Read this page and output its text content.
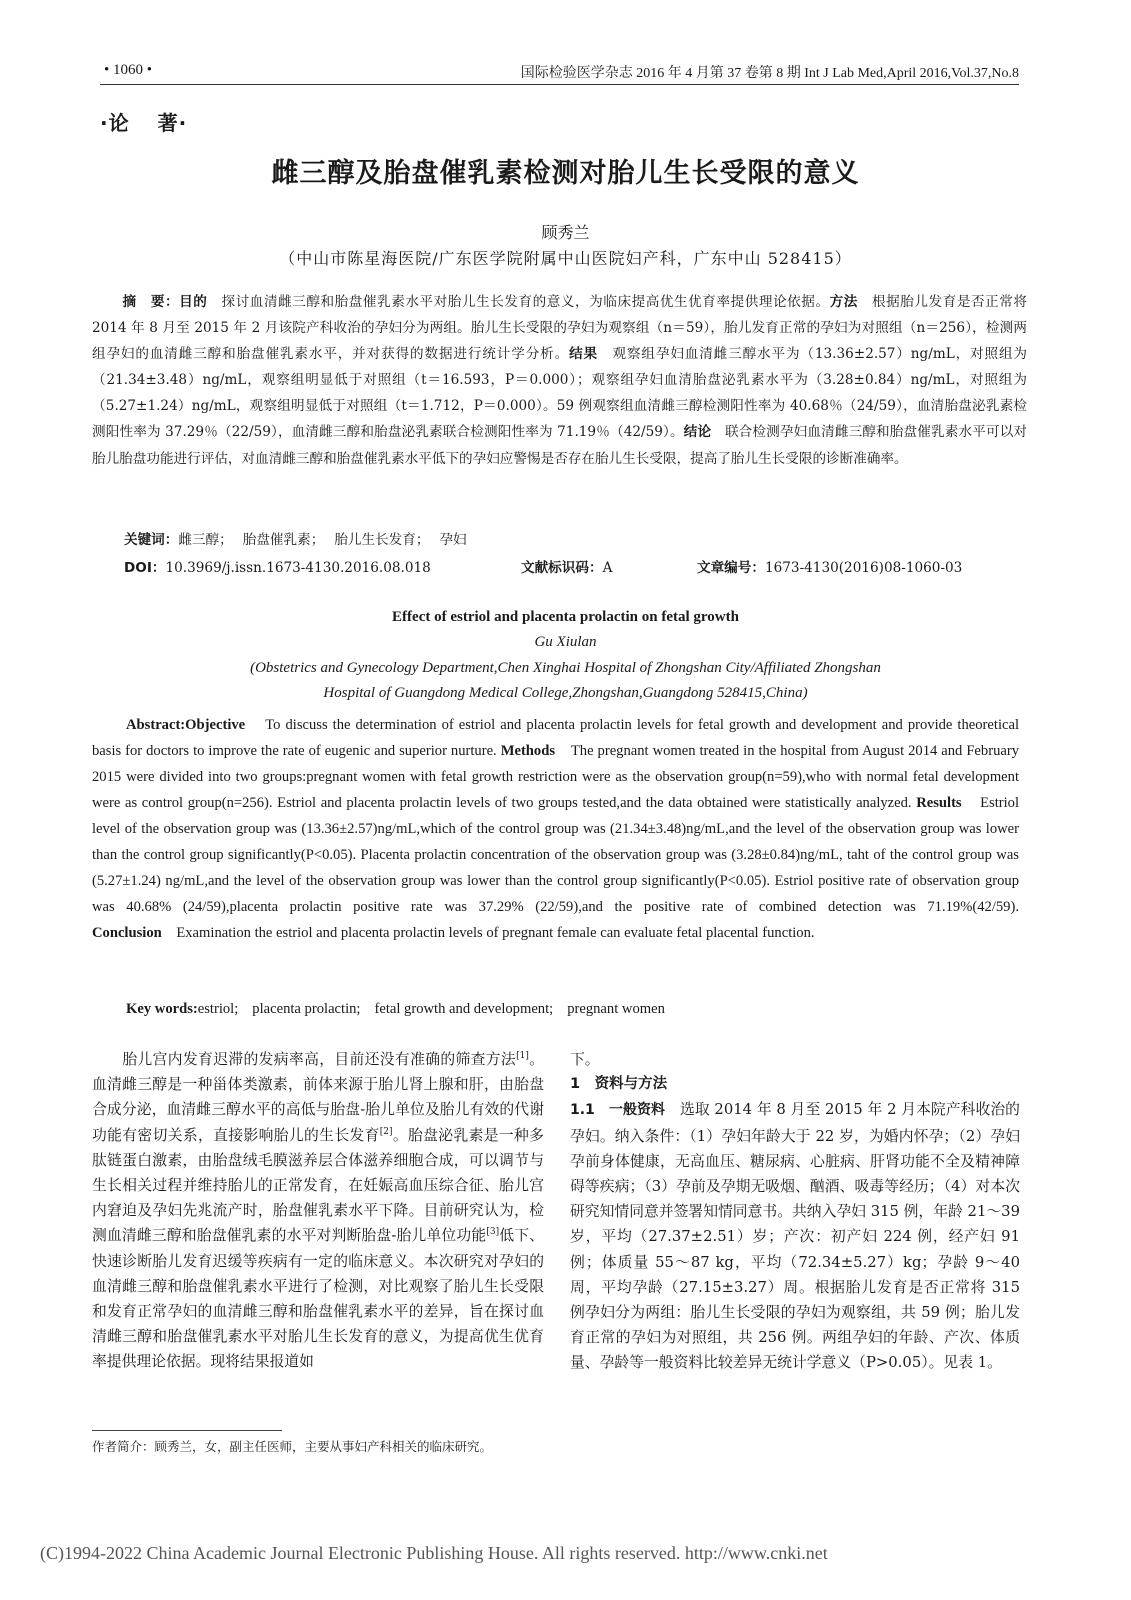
• 1060 •	国际检验医学杂志 2016 年 4 月第 37 卷第 8 期 Int J Lab Med,April 2016,Vol.37,No.8
·论 著·
雌三醇及胎盘催乳素检测对胎儿生长受限的意义
顾秀兰
（中山市陈星海医院/广东医学院附属中山医院妇产科，广东中山 528415）
摘　要：目的　 探讨血清雌三醇和胎盘催乳素水平对胎儿生长发育的意义，为临床提高优生优育率提供理论依据。方法　 根据胎儿发育是否正常将 2014 年 8 月至 2015 年 2 月该院产科收治的孕妇分为两组。胎儿生长受限的孕妇为观察组（n＝59），胎儿发育正常的孕妇为对照组（n＝256），检测两组孕妇的血清雌三醇和胎盘催乳素水平，并对获得的数据进行统计学分析。结果　 观察组孕妇血清雌三醇水平为（13.36±2.57）ng/mL，对照组为（21.34±3.48）ng/mL，观察组明显低于对照组（t＝16.593，P＝0.000）；观察组孕妇血清胎盘泌乳素水平为（3.28±0.84）ng/mL，对照组为（5.27±1.24）ng/mL，观察组明显低于对照组（t＝1.712，P＝0.000）。59 例观察组血清雌三醇检测阳性率为 40.68％（24/59），血清胎盘泌乳素检测阳性率为 37.29％（22/59），血清雌三醇和胎盘泌乳素联合检测阳性率为 71.19％（42/59）。结论　 联合检测孕妇血清雌三醇和胎盘催乳素水平可以对胎儿胎盘功能进行评估，对血清雌三醇和胎盘催乳素水平低下的孕妇应警惕是否存在胎儿生长受限，提高了胎儿生长受限的诊断准确率。
关键词：雌三醇； 胎盘催乳素； 胎儿生长发育； 孕妇
DOI：10.3969/j.issn.1673-4130.2016.08.018	文献标识码：A	文章编号：1673-4130(2016)08-1060-03
Effect of estriol and placenta prolactin on fetal growth
Gu Xiulan
(Obstetrics and Gynecology Department,Chen Xinghai Hospital of Zhongshan City/Affiliated Zhongshan
Hospital of Guangdong Medical College,Zhongshan,Guangdong 528415,China)
Abstract:Objective To discuss the determination of estriol and placenta prolactin levels for fetal growth and development and provide theoretical basis for doctors to improve the rate of eugenic and superior nurture. Methods The pregnant women treated in the hospital from August 2014 and February 2015 were divided into two groups:pregnant women with fetal growth restriction were as the observation group(n=59),who with normal fetal development were as control group(n=256). Estriol and placenta prolactin levels of two groups tested,and the data obtained were statistically analyzed. Results Estriol level of the observation group was (13.36±2.57)ng/mL,which of the control group was (21.34±3.48)ng/mL,and the level of the observation group was lower than the control group significantly(P<0.05). Placenta prolactin concentration of the observation group was (3.28±0.84)ng/mL, taht of the control group was (5.27±1.24) ng/mL,and the level of the observation group was lower than the control group significantly(P<0.05). Estriol positive rate of observation group was 40.68% (24/59),placenta prolactin positive rate was 37.29% (22/59),and the positive rate of combined detection was 71.19%(42/59). Conclusion Examination the estriol and placenta prolactin levels of pregnant female can evaluate fetal placental function.
Key words:estriol; placenta prolactin; fetal growth and development; pregnant women
胎儿宫内发育迟滞的发病率高，目前还没有准确的筛查方法[1]。血清雌三醇是一种甾体类激素，前体来源于胎儿肾上腺和肝，由胎盘合成分泌，血清雌三醇水平的高低与胎盘-胎儿单位及胎儿有效的代谢功能有密切关系，直接影响胎儿的生长发育[2]。胎盘泌乳素是一种多肽链蛋白激素，由胎盘绒毛膜滋养层合体滋养细胞合成，可以调节与生长相关过程并维持胎儿的正常发育，在妊娠高血压综合征、胎儿宫内窘迫及孕妇先兆流产时，胎盘催乳素水平下降。目前研究认为，检测血清雌三醇和胎盘催乳素的水平对判断胎盘-胎儿单位功能[3]低下、快速诊断胎儿发育迟缓等疾病有一定的临床意义。本次研究对孕妇的血清雌三醇和胎盘催乳素水平进行了检测，对比观察了胎儿生长受限和发育正常孕妇的血清雌三醇和胎盘催乳素水平的差异，旨在探讨血清雌三醇和胎盘催乳素水平对胎儿生长发育的意义，为提高优生优育率提供理论依据。现将结果报道如
下。
1　资料与方法
1.1　一般资料　 选取 2014 年 8 月至 2015 年 2 月本院产科收治的孕妇。纳入条件：（1）孕妇年龄大于 22 岁，为婚内怀孕；（2）孕妇孕前身体健康，无高血压、糖尿病、心脏病、肝肾功能不全及精神障碍等疾病；（3）孕前及孕期无吸烟、酗酒、吸毒等经历；（4）对本次研究知情同意并签署知情同意书。共纳入孕妇 315 例，年龄 21～39 岁，平均（27.37±2.51）岁；产次：初产妇 224 例，经产妇 91 例；体质量 55～87 kg，平均（72.34±5.27）kg；孕龄 9～40 周，平均孕龄（27.15±3.27）周。根据胎儿发育是否正常将 315 例孕妇分为两组：胎儿生长受限的孕妇为观察组，共 59 例；胎儿发育正常的孕妇为对照组，共 256 例。两组孕妇的年龄、产次、体质量、孕龄等一般资料比较差异无统计学意义（P>0.05）。见表 1。
作者简介：顾秀兰，女，副主任医师，主要从事妇产科相关的临床研究。
(C)1994-2022 China Academic Journal Electronic Publishing House. All rights reserved. http://www.cnki.net
